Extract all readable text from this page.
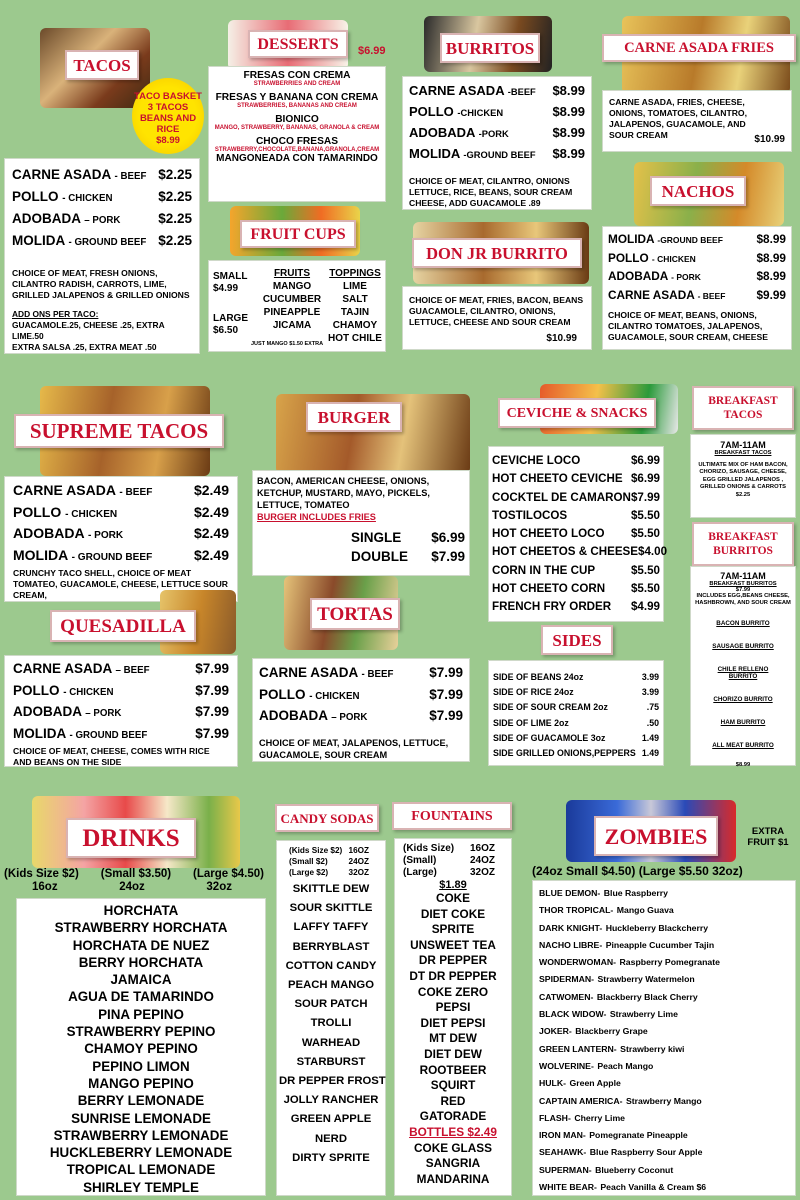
TACOS
TACO BASKET
3 TACOS
BEANS AND RICE
$8.99
CARNE ASADA - BEEF $2.25
POLLO - CHICKEN	$2.25
ADOBADA – PORK	$2.25
MOLIDA - GROUND BEEF $2.25
CHOICE OF MEAT, FRESH ONIONS, CILANTRO RADISH, CARROTS, LIME, GRILLED JALAPENOS & GRILLED ONIONS
ADD ONS PER TACO:
GUACAMOLE.25, CHEESE .25, EXTRA LIME.50
EXTRA SALSA .25, EXTRA MEAT .50
DESSERTS	$6.99
FRESAS CON CREMA
STRAWBERRIES AND CREAM
FRESAS Y BANANA CON CREMA
STRAWBERRIES, BANANAS AND CREAM
BIONICO
MANGO, STRAWBERRY, BANANAS, GRANOLA & CREAM
CHOCO FRESAS
STRAWBERRY,CHOCOLATE,BANANA,GRANOLA,CREAM
MANGONEADA CON TAMARINDO
FRUIT CUPS
SMALL
$4.99
LARGE
$6.50
FRUITS
MANGO
CUCUMBER
PINEAPPLE
JICAMA
JUST MANGO $1.50 EXTRA
TOPPINGS
LIME
SALT
TAJIN
CHAMOY
HOT CHILE
BURRITOS
CARNE ASADA -BEEF $8.99
POLLO -CHICKEN	$8.99
ADOBADA -PORK	$8.99
MOLIDA -GROUND BEEF $8.99
CHOICE OF MEAT, CILANTRO, ONIONS LETTUCE, RICE, BEANS, SOUR CREAM CHEESE, ADD GUACAMOLE .89
DON JR BURRITO
CHOICE OF MEAT, FRIES, BACON, BEANS GUACAMOLE, CILANTRO, ONIONS, LETTUCE, CHEESE AND SOUR CREAM
$10.99
CARNE ASADA FRIES
CARNE ASADA, FRIES, CHEESE, ONIONS, TOMATOES, CILANTRO, JALAPENOS, GUACAMOLE, AND SOUR CREAM	$10.99
NACHOS
MOLIDA -GROUND BEEF	$8.99
POLLO - CHICKEN	$8.99
ADOBADA - PORK	$8.99
CARNE ASADA - BEEF	$9.99
CHOICE OF MEAT, BEANS, ONIONS, CILANTRO TOMATOES, JALAPENOS, GUACAMOLE, SOUR CREAM, CHEESE
SUPREME TACOS
CARNE ASADA - BEEF	$2.49
POLLO - CHICKEN	$2.49
ADOBADA - PORK	$2.49
MOLIDA - GROUND BEEF	$2.49
CRUNCHY TACO SHELL, CHOICE OF MEAT TOMATEO, GUACAMOLE, CHEESE, LETTUCE SOUR CREAM,
QUESADILLA
CARNE ASADA – BEEF	$7.99
POLLO - CHICKEN	$7.99
ADOBADA – PORK	$7.99
MOLIDA - GROUND BEEF	$7.99
CHOICE OF MEAT, CHEESE, COMES WITH RICE AND BEANS ON THE SIDE
BURGER
BACON, AMERICAN CHEESE, ONIONS, KETCHUP, MUSTARD, MAYO, PICKELS, LETTUCE, TOMATEO
BURGER INCLUDES FRIES
SINGLE $6.99
DOUBLE $7.99
TORTAS
CARNE ASADA - BEEF	$7.99
POLLO - CHICKEN	$7.99
ADOBADA – PORK	$7.99
CHOICE OF MEAT, JALAPENOS, LETTUCE, GUACAMOLE, SOUR CREAM
CEVICHE & SNACKS
CEVICHE LOCO	$6.99
HOT CHEETO CEVICHE $6.99
COCKTEL DE CAMARON $7.99
TOSTILOCOS	$5.50
HOT CHEETO LOCO $5.50
HOT CHEETOS & CHEESE $4.00
CORN IN THE CUP	$5.50
HOT CHEETO CORN $5.50
FRENCH FRY ORDER $4.99
SIDES
SIDE OF BEANS 24oz	3.99
SIDE OF RICE 24oz	3.99
SIDE OF SOUR CREAM 2oz	.75
SIDE OF LIME 2oz	.50
SIDE OF GUACAMOLE 3oz	1.49
SIDE GRILLED ONIONS,PEPPERS 1.49
BREAKFAST
TACOS
7AM-11AM
BREAKFAST TACOS
ULTIMATE MIX OF HAM BACON, CHORIZO, SAUSAGE, CHEESE, EGG GRILLED JALAPENOS , GRILLED ONIONS & CARROTS $2.25
BREAKFAST
BURRITOS
7AM-11AM
BREAKFAST BURRITOS
$7.99
INCLUDES EGG,BEANS CHEESE, HASHBROWN, AND SOUR CREAM
BACON BURRITO
SAUSAGE BURRITO
CHILE RELLENO BURRITO
CHORIZO BURRITO
HAM BURRITO
ALL MEAT BURRITO
$8.99
DRINKS
(Kids Size $2) (Small $3.50) (Large $4.50)
16oz	24oz	32oz
HORCHATA
STRAWBERRY HORCHATA
HORCHATA DE NUEZ
BERRY HORCHATA
JAMAICA
AGUA DE TAMARINDO
PINA PEPINO
STRAWBERRY PEPINO
CHAMOY PEPINO
PEPINO LIMON
MANGO PEPINO
BERRY LEMONADE
SUNRISE LEMONADE
STRAWBERRY LEMONADE
HUCKLEBERRY LEMONADE
TROPICAL LEMONADE
SHIRLEY TEMPLE
CANDY SODAS
(Kids Size $2) 16OZ
(Small $2)	24OZ
(Large $2) 32OZ
SKITTLE DEW
SOUR SKITTLE
LAFFY TAFFY
BERRYBLAST
COTTON CANDY
PEACH MANGO
SOUR PATCH
TROLLI
WARHEAD
STARBURST
DR PEPPER FROST
JOLLY RANCHER
GREEN APPLE
NERD
DIRTY SPRITE
FOUNTAINS
(Kids Size) 16OZ
(Small)	24OZ
(Large)	32OZ
$1.89
COKE
DIET COKE
SPRITE
UNSWEET TEA
DR PEPPER
DT DR PEPPER
COKE ZERO
PEPSI
DIET PEPSI
MT DEW
DIET DEW
ROOTBEER
SQUIRT
RED
GATORADE
BOTTLES $2.49
COKE GLASS
SANGRIA
MANDARINA
ZOMBIES	EXTRA
FRUIT $1
(24oz Small $4.50) (Large $5.50 32oz)
BLUE DEMON- Blue Raspberry
THOR TROPICAL- Mango Guava
DARK KNIGHT- Huckleberry Blackcherry
NACHO LIBRE- Pineapple Cucumber Tajin
WONDERWOMAN- Raspberry Pomegranate
SPIDERMAN- Strawberry Watermelon
CATWOMEN- Blackberry Black Cherry
BLACK WIDOW- Strawberry Lime
JOKER- Blackberry Grape
GREEN LANTERN- Strawberry kiwi
WOLVERINE- Peach Mango
HULK- Green Apple
CAPTAIN AMERICA- Strawberry Mango
FLASH- Cherry Lime
IRON MAN- Pomegranate Pineapple
SEAHAWK- Blue Raspberry Sour Apple
SUPERMAN- Blueberry Coconut
WHITE BEAR- Peach Vanilla & Cream $6
